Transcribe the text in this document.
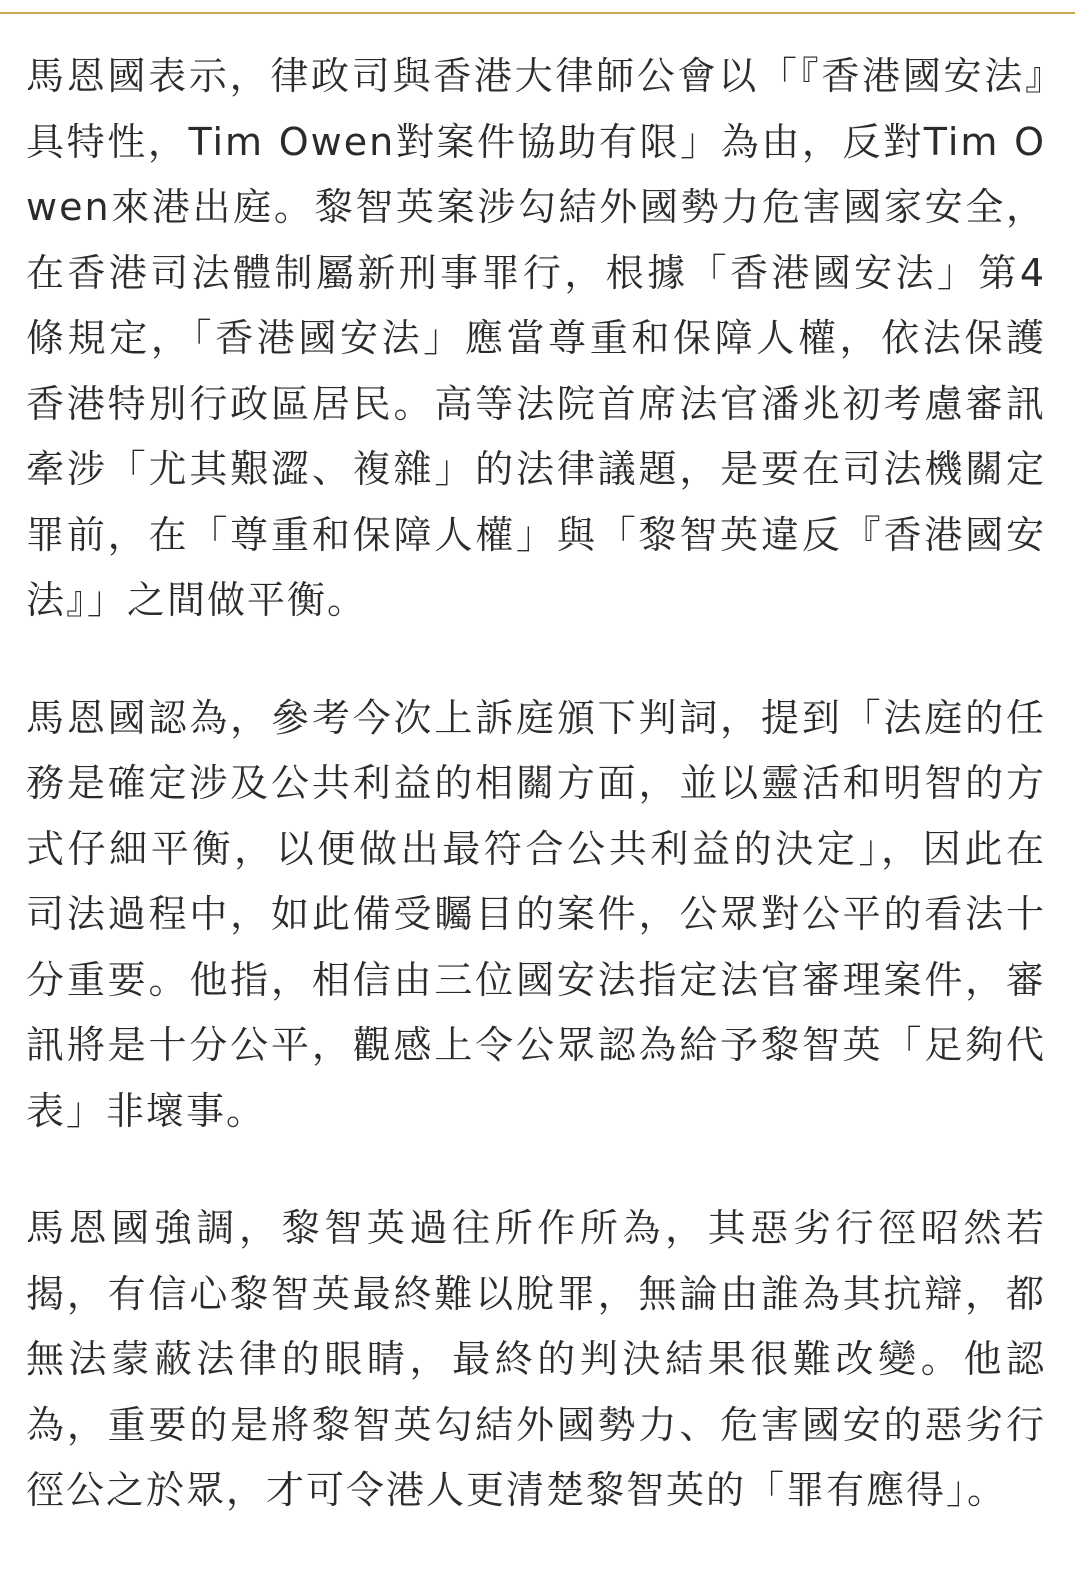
馬恩國表示，律政司與香港大律師公會以「『香港國安法』具特性，Tim Owen對案件協助有限」為由，反對Tim Owen來港出庭。黎智英案涉勾結外國勢力危害國家安全，在香港司法體制屬新刑事罪行，根據「香港國安法」第4條規定，「香港國安法」應當尊重和保障人權，依法保護香港特別行政區居民。高等法院首席法官潘兆初考慮審訊牽涉「尤其艱澀、複雜」的法律議題，是要在司法機關定罪前，在「尊重和保障人權」與「黎智英違反『香港國安法』」之間做平衡。

馬恩國認為，參考今次上訴庭頒下判詞，提到「法庭的任務是確定涉及公共利益的相關方面，並以靈活和明智的方式仔細平衡，以便做出最符合公共利益的決定」，因此在司法過程中，如此備受矚目的案件，公眾對公平的看法十分重要。他指，相信由三位國安法指定法官審理案件，審訊將是十分公平，觀感上令公眾認為給予黎智英「足夠代表」非壞事。

馬恩國強調，黎智英過往所作所為，其惡劣行徑昭然若揭，有信心黎智英最終難以脫罪，無論由誰為其抗辯，都無法蒙蔽法律的眼睛，最終的判決結果很難改變。他認為，重要的是將黎智英勾結外國勢力、危害國安的惡劣行徑公之於眾，才可令港人更清楚黎智英的「罪有應得」。
